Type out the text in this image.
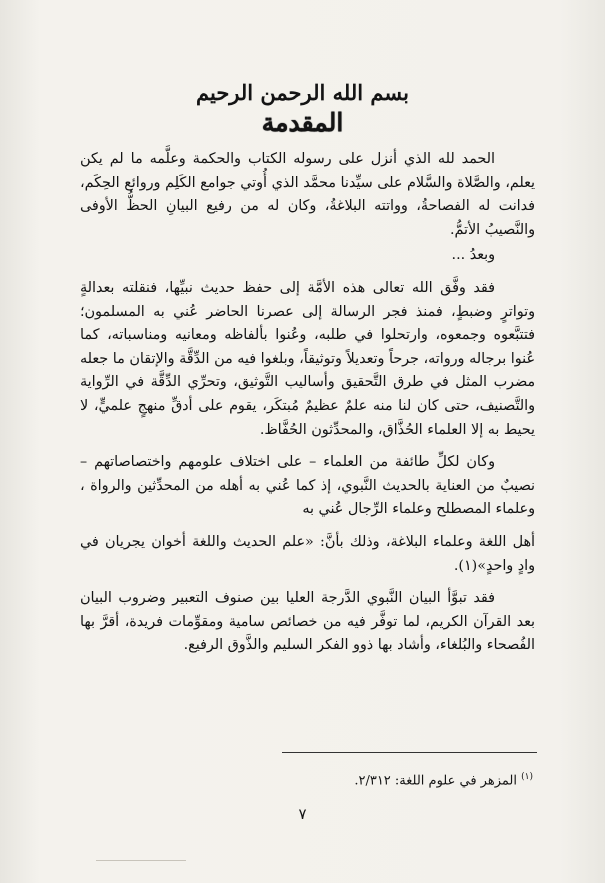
بسم الله الرحمن الرحيم
المقدمة

الحمد لله الذي أنزل على رسوله الكتاب والحكمة وعلَّمه ما لم يكن يعلم، والصَّلاة والسَّلام على سيِّدنا محمَّد الذي أُوتي جوامع الكَلِم وروائع الحِكَم، فدانت له الفصاحةُ، وواتته البلاغةُ، وكان له من رفيع البيانِ الحظُّ الأوفى والنَّصيبُ الأتمُّ.

وبعدُ ...

فقد وفَّق الله تعالى هذه الأمَّة إلى حفظ حديث نبيِّها، فنقلته بعدالةٍ وتواترٍ وضبطٍ، فمنذ فجر الرسالة إلى عصرنا الحاضر عُني به المسلمون؛ فتتبَّعوه وجمعوه، وارتحلوا في طلبه، وعُنوا بألفاظه ومعانيه ومناسباته، كما عُنوا برجاله ورواته، جرحاً وتعديلاً وتوثيقاً، وبلغوا فيه من الدِّقَّة والإتقان ما جعله مضرب المثل في طرق التَّحقيق وأساليب التَّوثيق، وتحرِّي الدِّقَّة في الرِّواية والتَّصنيف، حتى كان لنا منه علمٌ عظيمٌ مُبتكَر، يقوم على أدقِّ منهجٍ علميٍّ، لا يحيط به إلا العلماء الحُذَّاق، والمحدِّثون الحُفَّاظ.

وكان لكلِّ طائفة من العلماء – على اختلاف علومهم واختصاصاتهم – نصيبٌ من العناية بالحديث النَّبوي، إذ كما عُني به أهله من المحدِّثين والرواة ، وعلماء المصطلح وعلماء الرِّجال عُني به

أهل اللغة وعلماء البلاغة، وذلك بأنَّ: «علم الحديث واللغة أخوان يجريان في وادٍ واحدٍ»(١).

فقد تبوَّأ البيان النَّبوي الدَّرجة العليا بين صنوف التعبير وضروب البيان بعد القرآن الكريم، لما توفَّر فيه من خصائص سامية ومقوِّمات فريدة، أقرَّ بها الفُصحاء والبُلغاء، وأشاد بها ذوو الفكر السليم والذَّوق الرفيع.

$^{(١)}$ المزهر في علوم اللغة: ٢/٣١٢.
٧
